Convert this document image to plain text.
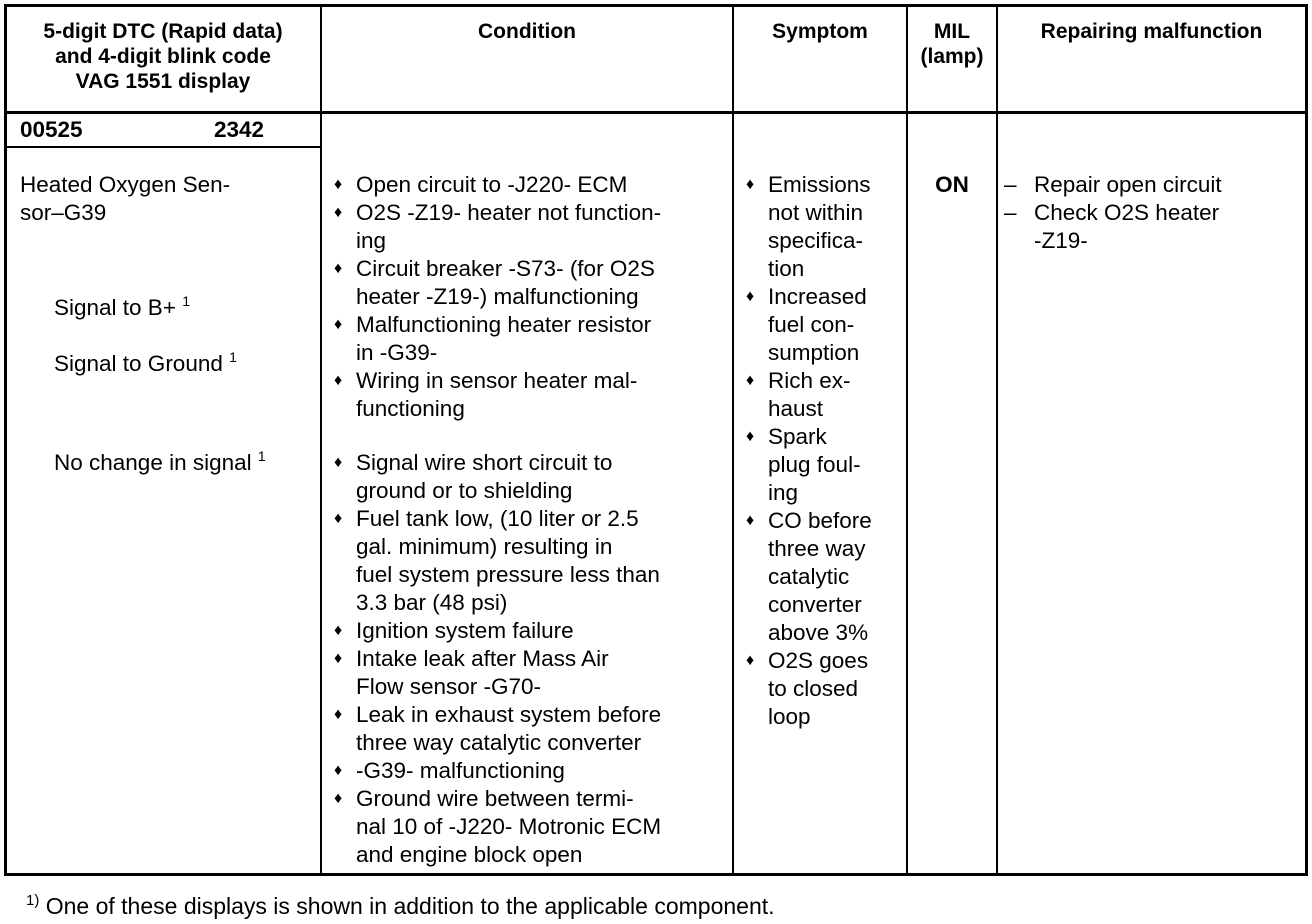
5-digit DTC (Rapid data)
and 4-digit blink code
VAG 1551 display
Condition	Symptom	MIL
(lamp)
Repairing malfunction
00525	2342
Heated Oxygen Sen-
sor–G39
Signal to B+ $^1$
Signal to Ground $^1$
No change in signal $^1$
♦ Open circuit to -J220- ECM
♦ O2S -Z19- heater not function-
ing
♦ Circuit breaker -S73- (for O2S
heater -Z19-) malfunctioning
♦ Malfunctioning heater resistor
in -G39-
♦ Wiring in sensor heater mal-
functioning
♦ Signal wire short circuit to
ground or to shielding
♦ Fuel tank low, (10 liter or 2.5
gal. minimum) resulting in
fuel system pressure less than
3.3 bar (48 psi)
♦ Ignition system failure
♦ Intake leak after Mass Air
Flow sensor -G70-
♦ Leak in exhaust system before
three way catalytic converter
♦ -G39- malfunctioning
♦ Ground wire between termi-
nal 10 of -J220- Motronic ECM
and engine block open
♦ Emissions
not within
specifica-
tion
♦ Increased
fuel con-
sumption
♦ Rich ex-
haust
♦ Spark
plug foul-
ing
♦ CO before
three way
catalytic
converter
above 3%
♦ O2S goes
to closed
loop
ON
–	Repair open circuit
– Check O2S heater
-Z19-
$^{1)}$ One of these displays is shown in addition to the applicable component.
